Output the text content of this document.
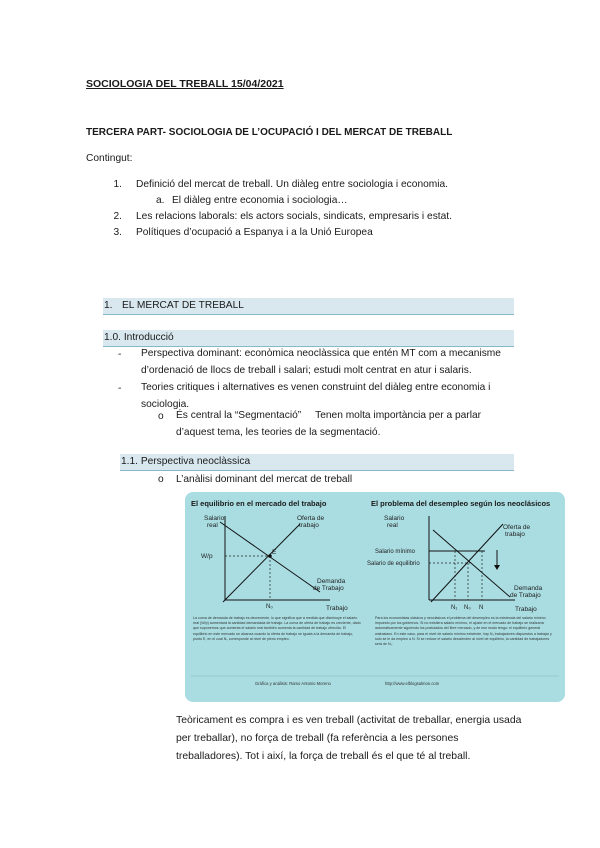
SOCIOLOGIA DEL TREBALL 15/04/2021
TERCERA PART- SOCIOLOGIA DE L’OCUPACIÓ I DEL MERCAT DE TREBALL
Contingut:
1. Definició del mercat de treball. Un diàleg entre sociologia i economia.
a. El diàleg entre economia i sociologia…
2. Les relacions laborals: els actors socials, sindicats, empresaris i estat.
3. Polítiques d’ocupació a Espanya i a la Unió Europea
1. EL MERCAT DE TREBALL
1.0. Introducció
- Perspectiva dominant: econòmica neoclàssica que entén MT com a mecanisme
d’ordenació de llocs de treball i salari; estudi molt centrat en atur i salaris.
- Teories critiques i alternatives es venen construint del diàleg entre economia i
sociologia.
o És central la “Segmentació”     Tenen molta importància per a parlar
d’aquest tema, les teories de la segmentació.
1.1. Perspectiva neoclàssica
o L’anàlisi dominant del mercat de treball
El equilibrio en el mercado del trabajo
Salario
real
W/p
E
Oferta de
trabajo
Demanda
de Trabajo
N₀	Trabajo
El problema del desempleo según los neoclásicos
Salario
real
Salario mínimo
Salario de equilibrio
Oferta de
trabajo
Demanda
de Trabajo
N₁ N₀ N	Trabajo
La curva de demanda de trabajo es decreciente, lo que significa que a medida que disminuye el salario real (W/p) aumentará la cantidad demandada de trabajo. La curva de oferta de trabajo es creciente, dado que suponemos que aumenta el salario real también aumenta la cantidad de trabajo ofrecido. El equilibrio en este mercado se alcanza cuando la oferta de trabajo se iguala a la demanda de trabajo, punto E, en el cual N₀ corresponde al nivel de pleno empleo.
Para los economistas clásicos y neoclásicos el problema del desempleo es la existencia del salario mínimo impuesto por los gobiernos. Si no existiera salario mínimo, el ajuste en el mercado de trabajo se realizaría automáticamente siguiendo los postulados del libre mercado, y de ese modo tengo: el equilibrio general walrasiano. En este caso, para el nivel de salario mínimo existente, hay N₁ trabajadores dispuestos a trabajar y solo se le da empleo a N. Si se reduce el salario descienden al nivel de equilibrio, la cantidad de trabajadores será de N₀.
Gráfica y análisis: Ramo Antonio Moreno	http://www.elblogsalmon.com
Teòricament es compra i es ven treball (activitat de treballar, energia usada
per treballar), no força de treball (fa referència a les persones
treballadores). Tot i així, la força de treball és el que té al treball.
